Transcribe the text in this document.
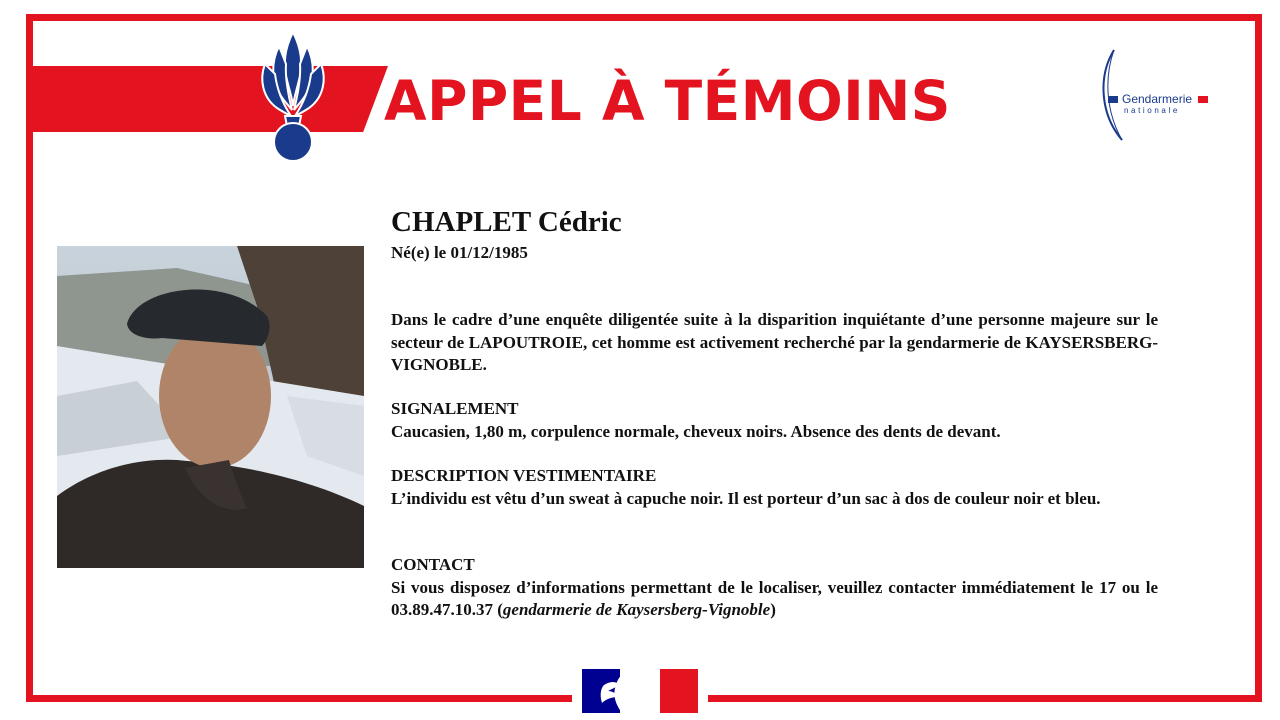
APPEL À TÉMOINS	Gendarmerie
nationale
CHAPLET Cédric
Né(e) le 01/12/1985
Dans le cadre d’une enquête diligentée suite à la disparition inquiétante d’une personne majeure sur le secteur de LAPOUTROIE, cet homme est activement recherché par la gendarmerie de KAYSERSBERG-VIGNOBLE.
SIGNALEMENT
Caucasien, 1,80 m, corpulence normale, cheveux noirs. Absence des dents de devant.
DESCRIPTION VESTIMENTAIRE
L’individu est vêtu d’un sweat à capuche noir. Il est porteur d’un sac à dos de couleur noir et bleu.
CONTACT
Si vous disposez d’informations permettant de le localiser, veuillez contacter immédiatement le 17 ou le 03.89.47.10.37 (gendarmerie de Kaysersberg-Vignoble)
